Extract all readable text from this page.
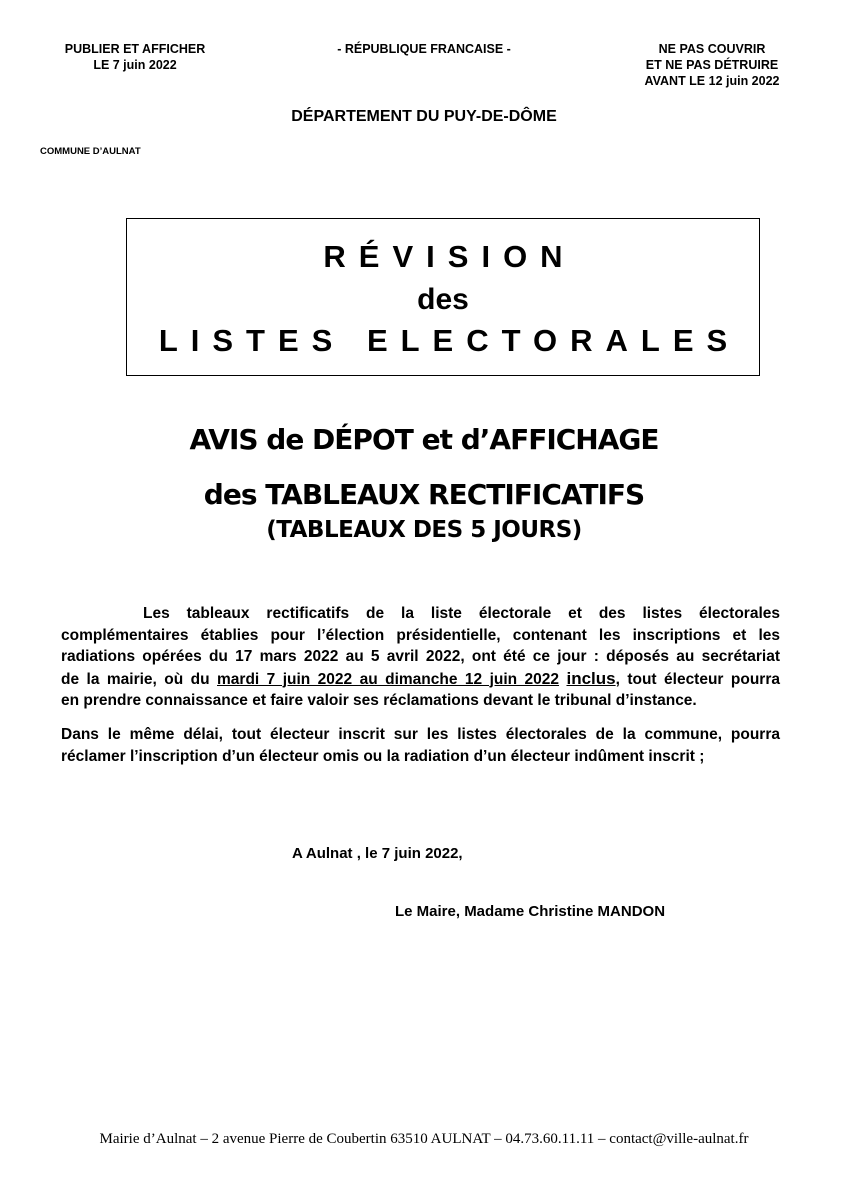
PUBLIER ET AFFICHER
LE 7 juin 2022
- RÉPUBLIQUE FRANCAISE -	NE PAS COUVRIR
ET NE PAS DÉTRUIRE
AVANT LE 12 juin 2022
DÉPARTEMENT DU PUY-DE-DÔME
COMMUNE D’AULNAT
RÉVISION
des
LISTES ELECTORALES
AVIS de DÉPOT et d’AFFICHAGE
des TABLEAUX RECTIFICATIFS
(TABLEAUX DES 5 JOURS)
Les tableaux rectificatifs de la liste électorale et des listes électorales
complémentaires établies pour l’élection présidentielle, contenant les inscriptions et les
radiations opérées du 17 mars 2022 au 5 avril 2022, ont été ce jour : déposés au secrétariat
de la mairie, où du mardi 7 juin 2022 au dimanche 12 juin 2022 inclus, tout électeur pourra
en prendre connaissance et faire valoir ses réclamations devant le tribunal d’instance.
Dans le même délai, tout électeur inscrit sur les listes électorales de la commune, pourra
réclamer l’inscription d’un électeur omis ou la radiation d’un électeur indûment inscrit ;
A Aulnat , le 7 juin 2022,
Le Maire, Madame Christine MANDON
Mairie d’Aulnat – 2 avenue Pierre de Coubertin 63510 AULNAT – 04.73.60.11.11 – contact@ville-aulnat.fr
